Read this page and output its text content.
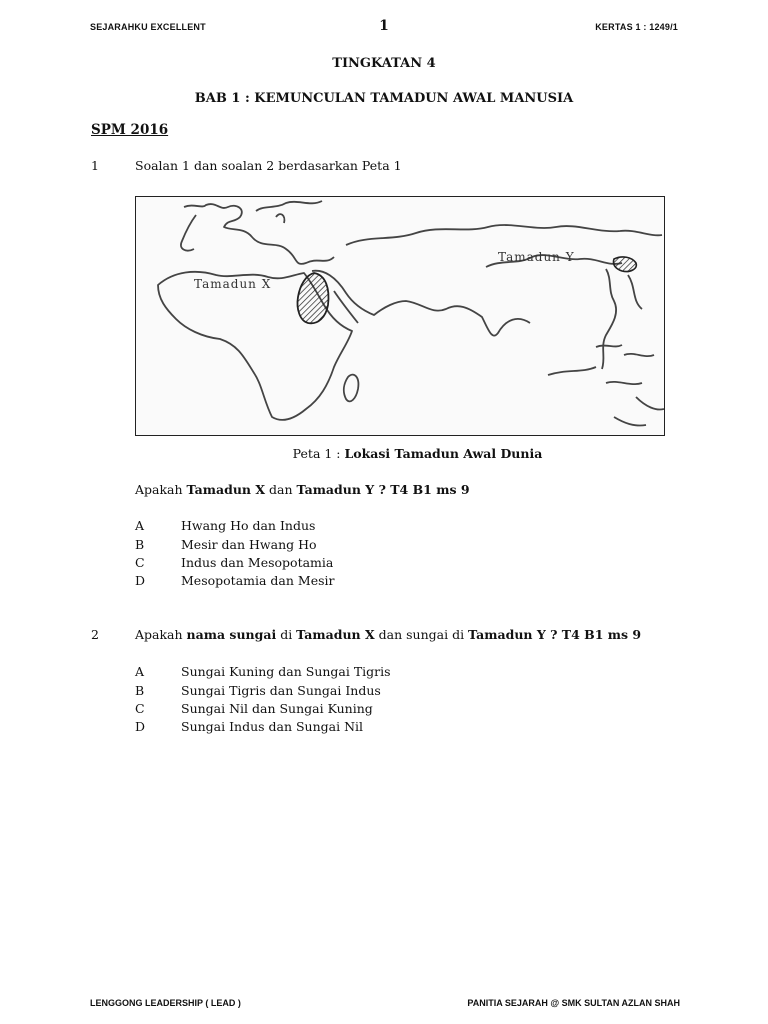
SEJARAHKU EXCELLENT	1	KERTAS 1 : 1249/1
TINGKATAN 4
BAB 1 : KEMUNCULAN TAMADUN AWAL MANUSIA
SPM 2016
1	Soalan 1 dan soalan 2 berdasarkan Peta 1
Tamadun X
Tamadun Y
Peta 1 : Lokasi Tamadun Awal Dunia
Apakah Tamadun X dan Tamadun Y ? T4 B1 ms 9
A	Hwang Ho dan Indus
B	Mesir dan Hwang Ho
C	Indus dan Mesopotamia
D	Mesopotamia dan Mesir
2	Apakah nama sungai di Tamadun X dan sungai di Tamadun Y ? T4 B1 ms 9
A	Sungai Kuning dan Sungai Tigris
B	Sungai Tigris dan Sungai Indus
C	Sungai Nil dan Sungai Kuning
D	Sungai Indus dan Sungai Nil
LENGGONG LEADERSHIP ( LEAD )	PANITIA SEJARAH @ SMK SULTAN AZLAN SHAH
